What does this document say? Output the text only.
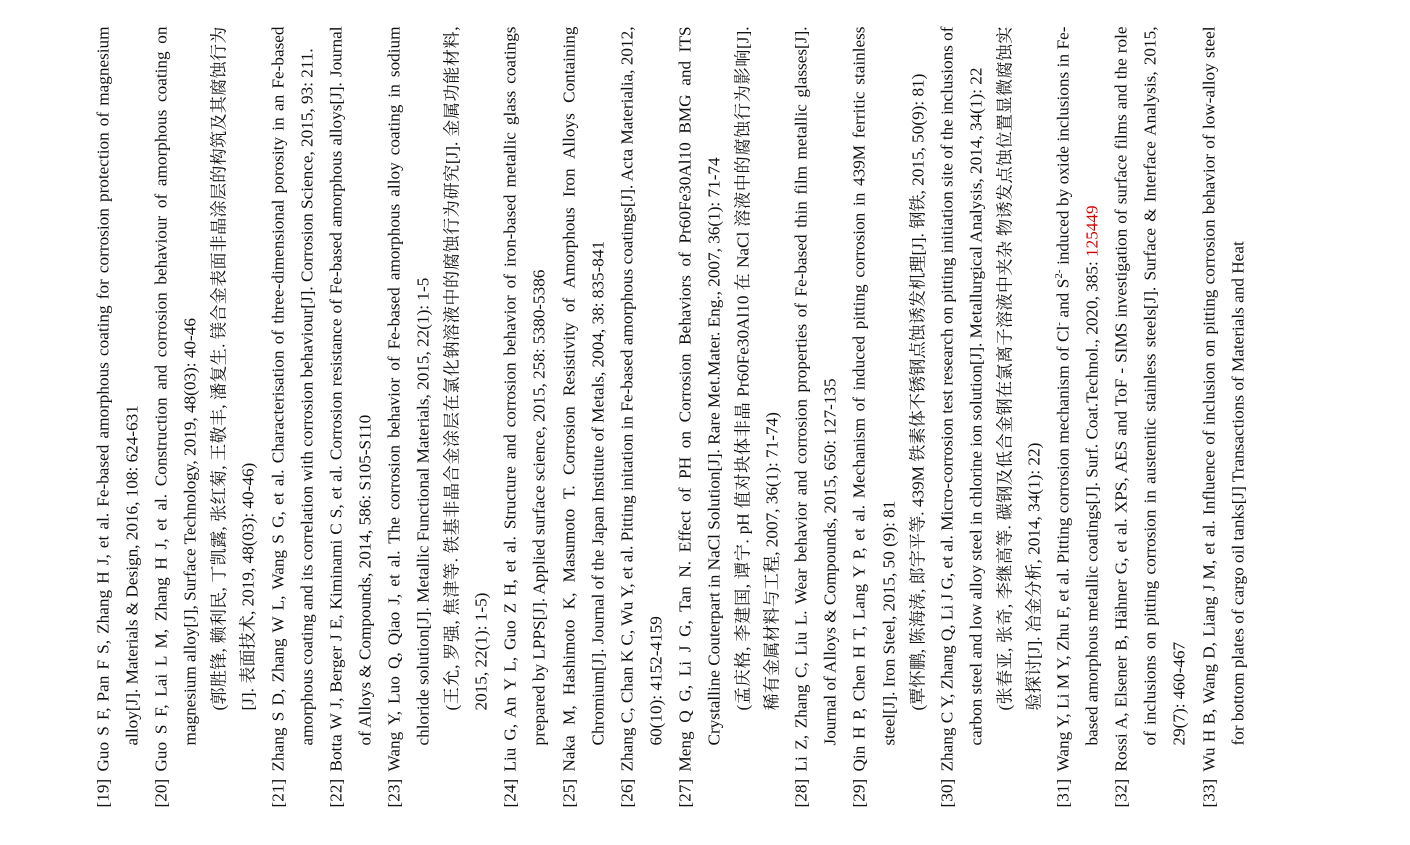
[19]Guo S F, Pan F S, Zhang H J, et al. Fe-based amorphous coating for corrosion protection of magnesium alloy[J]. Materials & Design, 2016, 108: 624-631
[20]Guo S F, Lai L M, Zhang H J, et al. Construction and corrosion behaviour of amorphous coating on magnesium alloy[J], Surface Technology, 2019, 48(03): 40-46 (郭胜锋, 赖利民, 丁凯露, 张红菊, 王敬丰, 潘复生. 镁合金表面非晶涂层的构筑及其腐蚀行为[J]. 表面技术, 2019, 48(03): 40-46)
[21]Zhang S D, Zhang W L, Wang S G, et al. Characterisation of three-dimensional porosity in an Fe-based amorphous coating and its correlation with corrosion behaviour[J]. Corrosion Science, 2015, 93: 211.
[22]Botta W J, Berger J E, Kiminami C S, et al. Corrosion resistance of Fe-based amorphous alloys[J]. Journal of Alloys & Compounds, 2014, 586: S105-S110
[23]Wang Y, Luo Q, Qiao J, et al. The corrosion behavior of Fe-based amorphous alloy coating in sodium chloride solution[J]. Metallic Functional Materials, 2015, 22(1): 1-5 (王允, 罗强, 焦津等. 铁基非晶合金涂层在氯化钠溶液中的腐蚀行为研究[J]. 金属功能材料, 2015, 22(1): 1-5)
[24]Liu G, An Y L, Guo Z H, et al. Structure and corrosion behavior of iron-based metallic glass coatings prepared by LPPS[J]. Applied surface science, 2015, 258: 5380-5386
[25]Naka M, Hashimoto K, Masumoto T. Corrosion Resistivity of Amorphous Iron Alloys Containing Chromium[J]. Journal of the Japan Institute of Metals, 2004, 38: 835-841
[26]Zhang C, Chan K C, Wu Y, et al. Pitting initation in Fe-based amorphous coatings[J]. Acta Materialia, 2012, 60(10): 4152-4159
[27]Meng Q G, Li J G, Tan N. Effect of PH on Corrosion Behaviors of Pr60Fe30Al10 BMG and ITS Crystalline Couterpart in NaCl Solution[J]. Rare Met.Mater. Eng., 2007, 36(1): 71-74 (孟庆格, 李建国, 谭宁. pH 值对块体非晶 Pr60Fe30Al10 在 NaCl 溶液中的腐蚀行为影响[J]. 稀有金属材料与工程, 2007, 36(1): 71-74)
[28]Li Z, Zhang C, Liu L. Wear behavior and corrosion properties of Fe-based thin film metallic glasses[J]. Journal of Alloys & Compounds, 2015, 650: 127-135
[29]Qin H P, Chen H T, Lang Y P, et al. Mechanism of induced pitting corrosion in 439M ferritic stainless steel[J]. Iron Steel, 2015, 50 (9): 81 (覃怀鹏, 陈海涛, 郎宇平等. 439M 铁素体不锈钢点蚀诱发机理[J]. 钢铁, 2015, 50(9): 81)
[30]Zhang C Y, Zhang Q, Li J G, et al. Micro-corrosion test research on pitting initiation site of the inclusions of carbon steel and low alloy steel in chlorine ion solution[J]. Metallurgical Analysis, 2014, 34(1): 22 (张春亚, 张奇, 李继高等. 碳钢及低合金钢在氯离子溶液中夹杂 物诱发点蚀位置显微腐蚀实验探讨[J]. 冶金分析, 2014, 34(1): 22)
[31]Wang Y, Li M Y, Zhu F, et al. Pitting corrosion mechanism of Cl- and $S^{2-}$ induced by oxide inclusions in Fe-based amorphous metallic coatings[J]. Surf. Coat.Technol., 2020, 385: 125449
[32]Rossi A, Elsener B, Hähner G, et al. XPS, AES and ToF - SIMS investigation of surface films and the role of inclusions on pitting corrosion in austenitic stainless steels[J]. Surface & Interface Analysis, 2015, 29(7): 460-467
[33]Wu H B, Wang D, Liang J M, et al. Influence of inclusion on pitting corrosion behavior of low-alloy steel for bottom plates of cargo oil tanks[J] Transactions of Materials and Heat
